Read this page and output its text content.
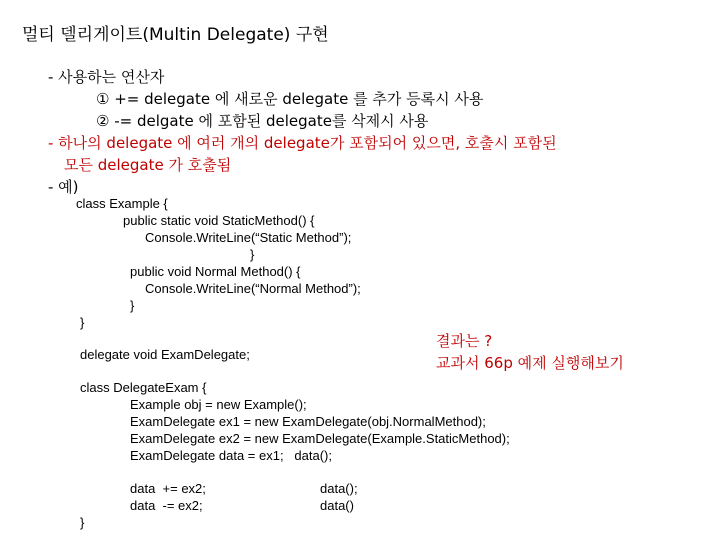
멀티 델리게이트(Multin Delegate) 구현
- 사용하는 연산자
① += delegate 에 새로운 delegate 를 추가 등록시 사용
② -= delgate 에 포함된 delegate를 삭제시 사용
- 하나의 delegate 에 여러 개의 delegate가 포함되어 있으면, 호출시 포함된
모든 delegate 가 호출됨
- 예)
class Example {
public static void StaticMethod() {
Console.WriteLine(“Static Method”);
}
public void Normal Method() {
Console.WriteLine(“Normal Method”);
}
}
delegate void ExamDelegate;
결과는 ?
교과서 66p 예제 실행해보기
class DelegateExam {
Example obj = new Example();
ExamDelegate ex1 = new ExamDelegate(obj.NormalMethod);
ExamDelegate ex2 = new ExamDelegate(Example.StaticMethod);
ExamDelegate data = ex1;   data();
data  += ex2;	data();
data  -= ex2;	data()
}
